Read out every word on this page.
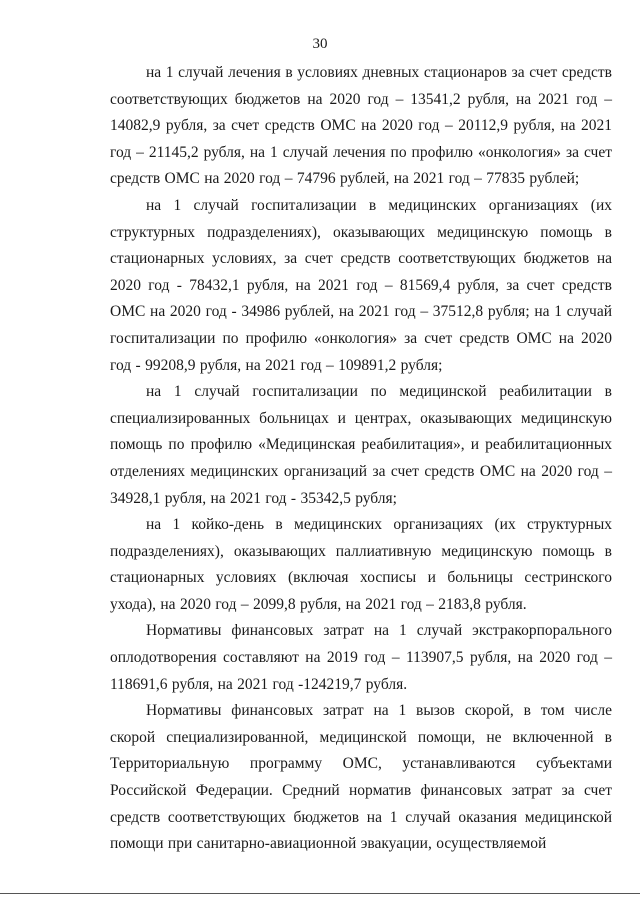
30

на 1 случай лечения в условиях дневных стационаров за счет средств соответствующих бюджетов на 2020 год – 13541,2 рубля, на 2021 год – 14082,9 рубля, за счет средств ОМС на 2020 год – 20112,9 рубля, на 2021 год – 21145,2 рубля, на 1 случай лечения по профилю «онкология» за счет средств ОМС на 2020 год – 74796 рублей, на 2021 год – 77835 рублей;

на 1 случай госпитализации в медицинских организациях (их структурных подразделениях), оказывающих медицинскую помощь в стационарных условиях, за счет средств соответствующих бюджетов на 2020 год - 78432,1 рубля, на 2021 год – 81569,4 рубля, за счет средств ОМС на 2020 год - 34986 рублей, на 2021 год – 37512,8 рубля; на 1 случай госпитализации по профилю «онкология» за счет средств ОМС на 2020 год - 99208,9 рубля, на 2021 год – 109891,2 рубля;

на 1 случай госпитализации по медицинской реабилитации в специализированных больницах и центрах, оказывающих медицинскую помощь по профилю «Медицинская реабилитация», и реабилитационных отделениях медицинских организаций за счет средств ОМС на 2020 год – 34928,1 рубля, на 2021 год - 35342,5 рубля;

на 1 койко-день в медицинских организациях (их структурных подразделениях), оказывающих паллиативную медицинскую помощь в стационарных условиях (включая хосписы и больницы сестринского ухода), на 2020 год – 2099,8 рубля, на 2021 год – 2183,8 рубля.

Нормативы финансовых затрат на 1 случай экстракорпорального оплодотворения составляют на 2019 год – 113907,5 рубля, на 2020 год – 118691,6 рубля, на 2021 год -124219,7 рубля.

Нормативы финансовых затрат на 1 вызов скорой, в том числе скорой специализированной, медицинской помощи, не включенной в Территориальную программу ОМС, устанавливаются субъектами Российской Федерации. Средний норматив финансовых затрат за счет средств соответствующих бюджетов на 1 случай оказания медицинской помощи при санитарно-авиационной эвакуации, осуществляемой
